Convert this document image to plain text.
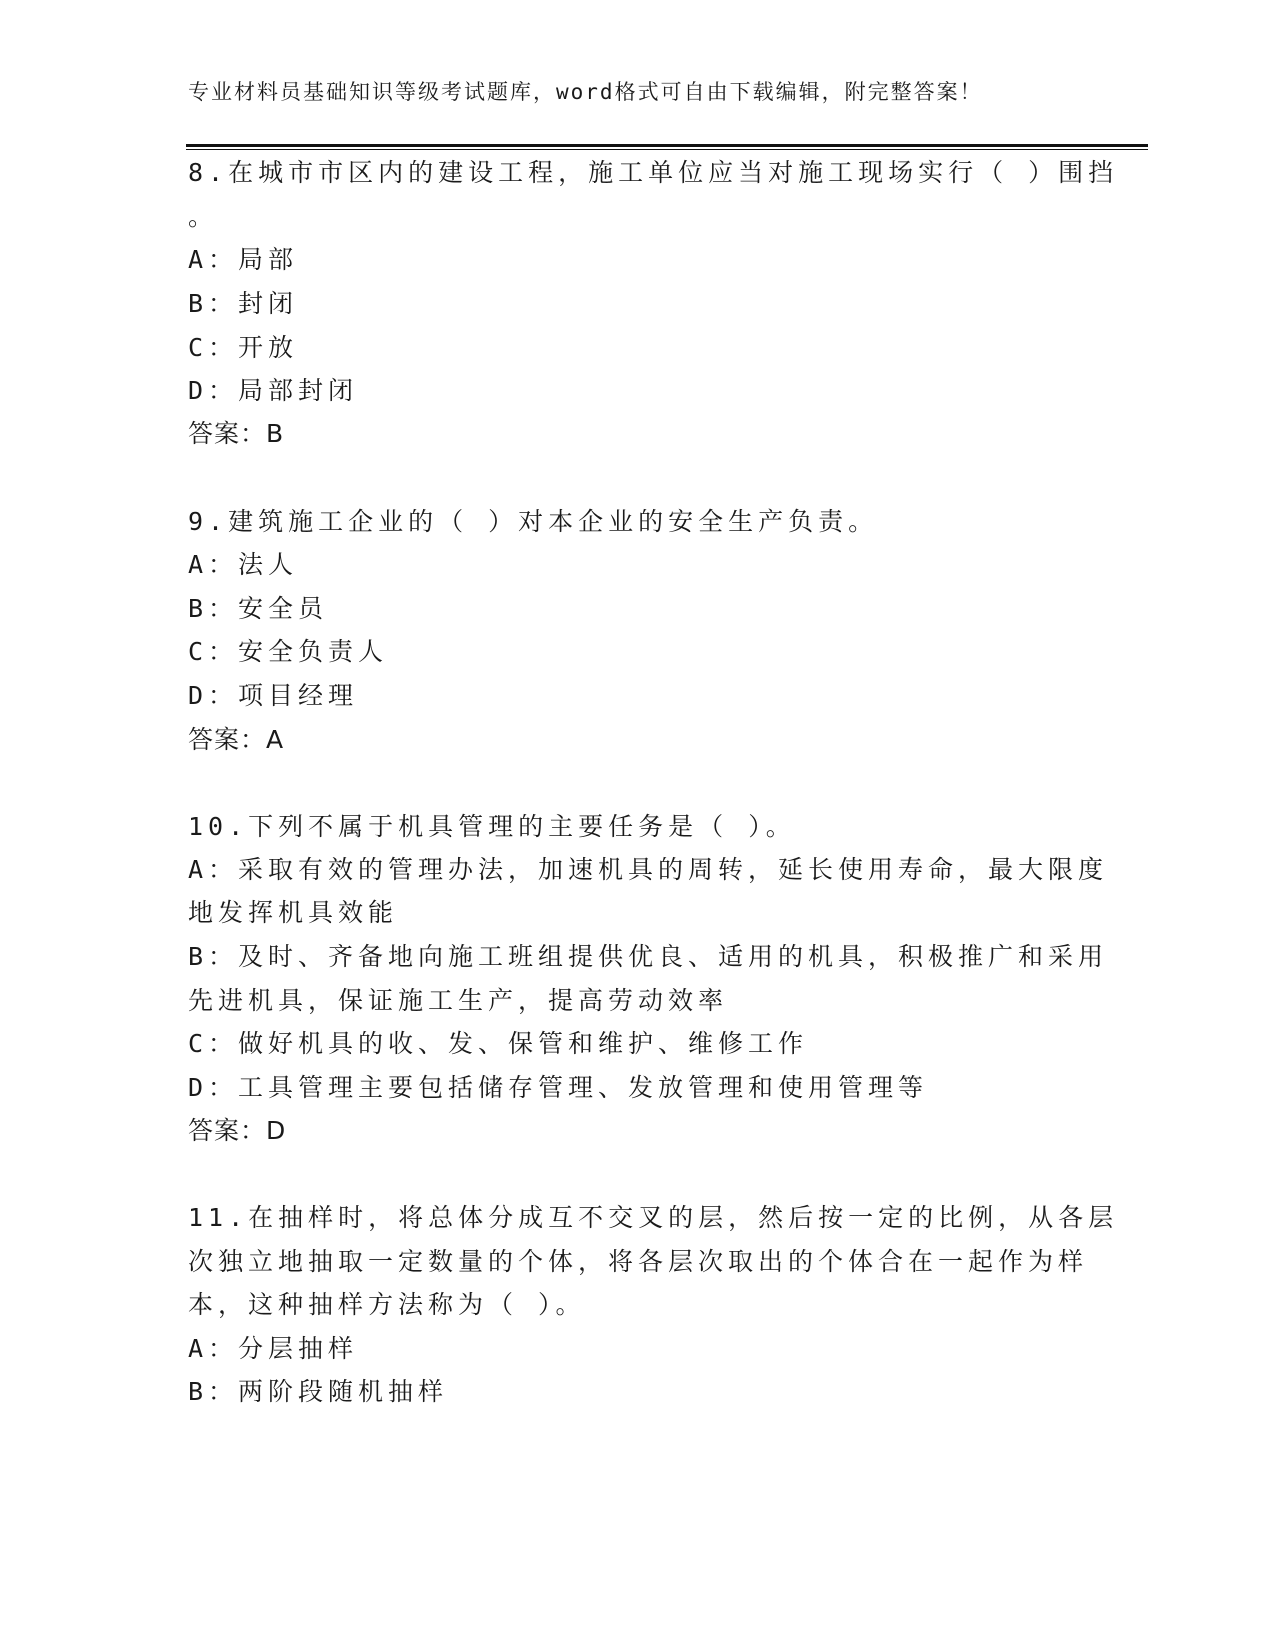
专业材料员基础知识等级考试题库，word格式可自由下载编辑，附完整答案！
8.在城市市区内的建设工程，施工单位应当对施工现场实行（ ）围挡
。
A：局部
B：封闭
C：开放
D：局部封闭
答案：B
9.建筑施工企业的（ ）对本企业的安全生产负责。
A：法人
B：安全员
C：安全负责人
D：项目经理
答案：A
10.下列不属于机具管理的主要任务是（ ）。
A：采取有效的管理办法，加速机具的周转，延长使用寿命，最大限度
地发挥机具效能
B：及时、齐备地向施工班组提供优良、适用的机具，积极推广和采用
先进机具，保证施工生产，提高劳动效率
C：做好机具的收、发、保管和维护、维修工作
D：工具管理主要包括储存管理、发放管理和使用管理等
答案：D
11.在抽样时，将总体分成互不交叉的层，然后按一定的比例，从各层
次独立地抽取一定数量的个体，将各层次取出的个体合在一起作为样
本，这种抽样方法称为（ ）。
A：分层抽样
B：两阶段随机抽样
